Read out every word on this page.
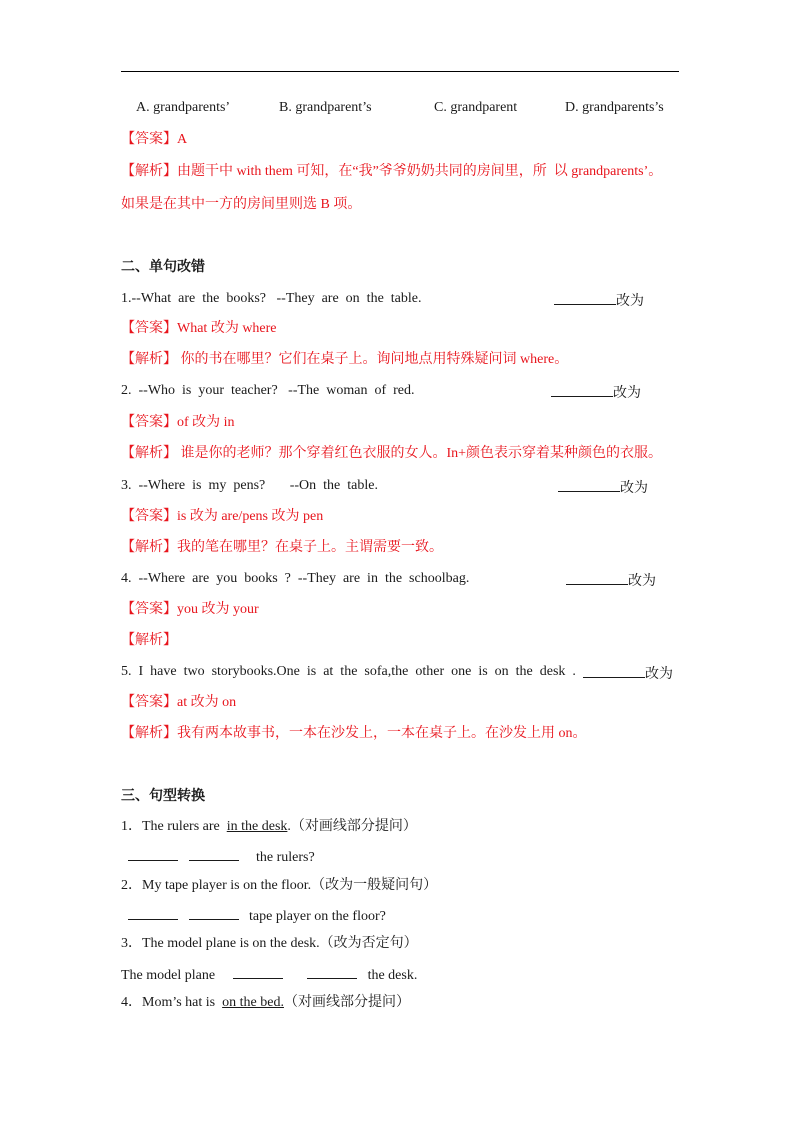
A. grandparents’	B. grandparent’s	C. grandparent	D. grandparents’s
【答案】A
【解析】由题干中 with them 可知，在“我”爷爷奶奶共同的房间里，所  以 grandparents’。
如果是在其中一方的房间里则选 B 项。
二、单句改错
1.--What  are  the  books?   --They  are  on  the  table.	改为
【答案】What 改为 where
【解析】 你的书在哪里？它们在桌子上。询问地点用特殊疑问词 where。
2.  --Who  is  your  teacher?   --The  woman  of  red.	改为
【答案】of 改为 in
【解析】 谁是你的老师？那个穿着红色衣服的女人。In+颜色表示穿着某种颜色的衣服。
3.  --Where  is  my  pens?       --On  the  table.	改为
【答案】is 改为 are/pens 改为 pen
【解析】我的笔在哪里？在桌子上。主谓需要一致。
4.  --Where  are  you  books  ?  --They  are  in  the  schoolbag.	改为
【答案】you 改为 your
【解析】
5.  I  have  two  storybooks.One  is  at  the  sofa,the  other  one  is  on  the  desk  .	改为
【答案】at 改为 on
【解析】我有两本故事书，一本在沙发上，一本在桌子上。在沙发上用 on。
三、句型转换
1．The rulers are  in the desk.（对画线部分提问）
the rulers?
2．My tape player is on the floor.（改为一般疑问句）
tape player on the floor?
3．The model plane is on the desk.（改为否定句）
The model plane	the desk.
4．Mom’s hat is  on the bed.（对画线部分提问）
